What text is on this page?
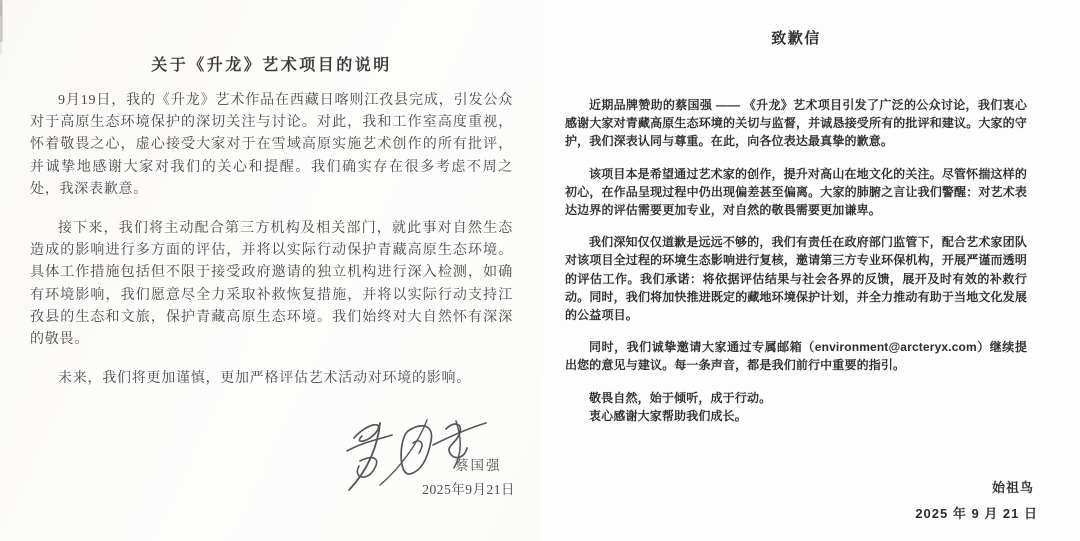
关于《升龙》艺术项目的说明

9月19日，我的《升龙》艺术作品在西藏日喀则江孜县完成，引发公众对于高原生态环境保护的深切关注与讨论。对此，我和工作室高度重视，怀着敬畏之心，虚心接受大家对于在雪域高原实施艺术创作的所有批评，并诚挚地感谢大家对我们的关心和提醒。我们确实存在很多考虑不周之处，我深表歉意。

接下来，我们将主动配合第三方机构及相关部门，就此事对自然生态造成的影响进行多方面的评估，并将以实际行动保护青藏高原生态环境。具体工作措施包括但不限于接受政府邀请的独立机构进行深入检测，如确有环境影响，我们愿意尽全力采取补救恢复措施，并将以实际行动支持江孜县的生态和文旅，保护青藏高原生态环境。我们始终对大自然怀有深深的敬畏。

未来，我们将更加谨慎，更加严格评估艺术活动对环境的影响。

蔡国强
2025年9月21日
致歉信

近期品牌赞助的蔡国强 —— 《升龙》艺术项目引发了广泛的公众讨论，我们衷心感谢大家对青藏高原生态环境的关切与监督，并诚恳接受所有的批评和建议。大家的守护，我们深表认同与尊重。在此，向各位表达最真挚的歉意。

该项目本是希望通过艺术家的创作，提升对高山在地文化的关注。尽管怀揣这样的初心，在作品呈现过程中仍出现偏差甚至偏离。大家的肺腑之言让我们警醒：对艺术表达边界的评估需要更加专业，对自然的敬畏需要更加谦卑。

我们深知仅仅道歉是远远不够的，我们有责任在政府部门监管下，配合艺术家团队对该项目全过程的环境生态影响进行复核，邀请第三方专业环保机构，开展严谨而透明的评估工作。我们承诺：将依据评估结果与社会各界的反馈，展开及时有效的补救行动。同时，我们将加快推进既定的藏地环境保护计划，并全力推动有助于当地文化发展的公益项目。

同时，我们诚挚邀请大家通过专属邮箱（environment@arcteryx.com）继续提出您的意见与建议。每一条声音，都是我们前行中重要的指引。

敬畏自然，始于倾听，成于行动。

衷心感谢大家帮助我们成长。

始祖鸟
2025 年 9 月 21 日
